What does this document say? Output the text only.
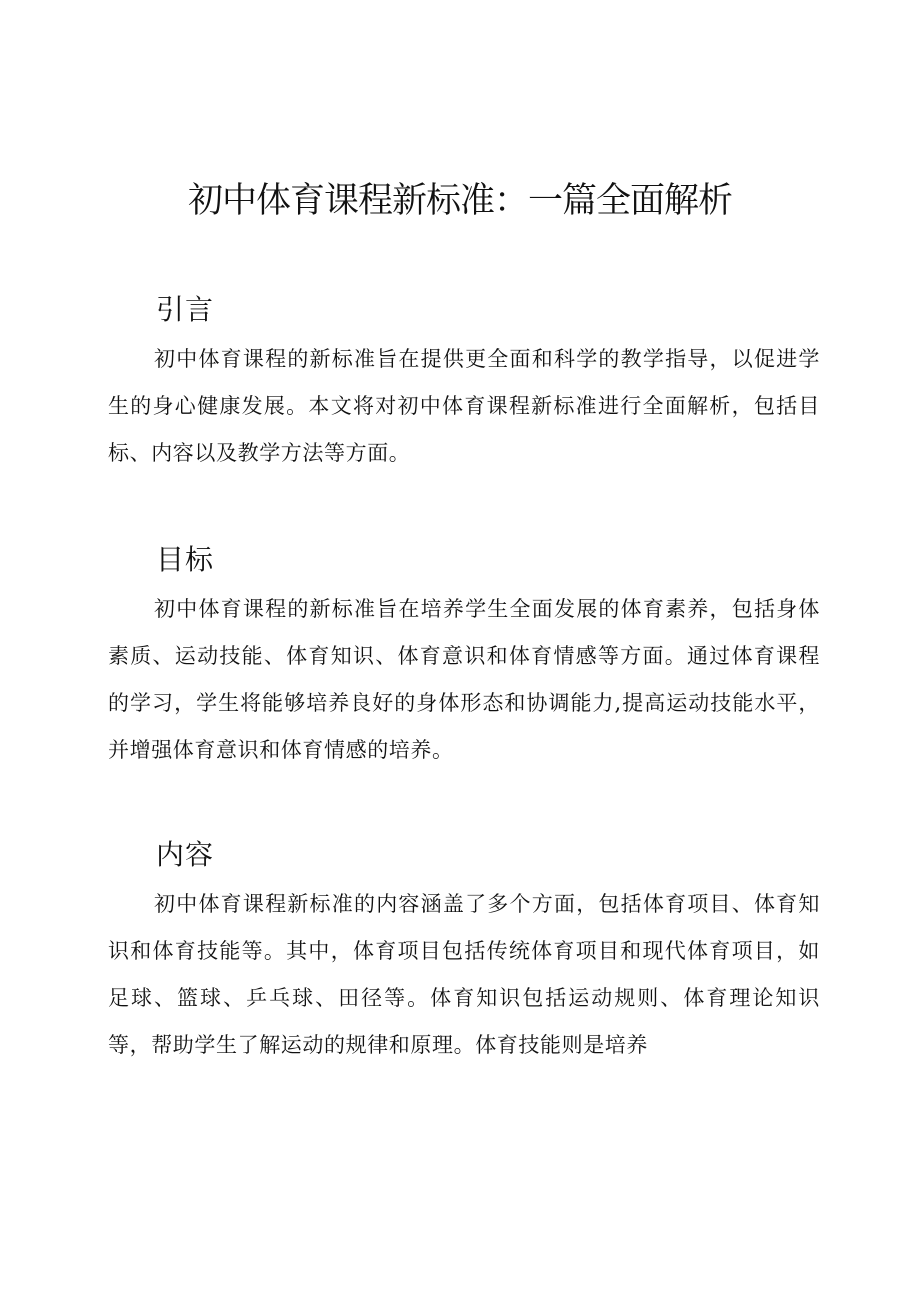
初中体育课程新标准：一篇全面解析
引言

初中体育课程的新标准旨在提供更全面和科学的教学指导，以促进学生的身心健康发展。本文将对初中体育课程新标准进行全面解析，包括目标、内容以及教学方法等方面。

目标

初中体育课程的新标准旨在培养学生全面发展的体育素养，包括身体素质、运动技能、体育知识、体育意识和体育情感等方面。通过体育课程的学习，学生将能够培养良好的身体形态和协调能力,提高运动技能水平，并增强体育意识和体育情感的培养。

内容

初中体育课程新标准的内容涵盖了多个方面，包括体育项目、体育知识和体育技能等。其中，体育项目包括传统体育项目和现代体育项目，如足球、篮球、乒乓球、田径等。体育知识包括运动规则、体育理论知识等，帮助学生了解运动的规律和原理。体育技能则是培养
